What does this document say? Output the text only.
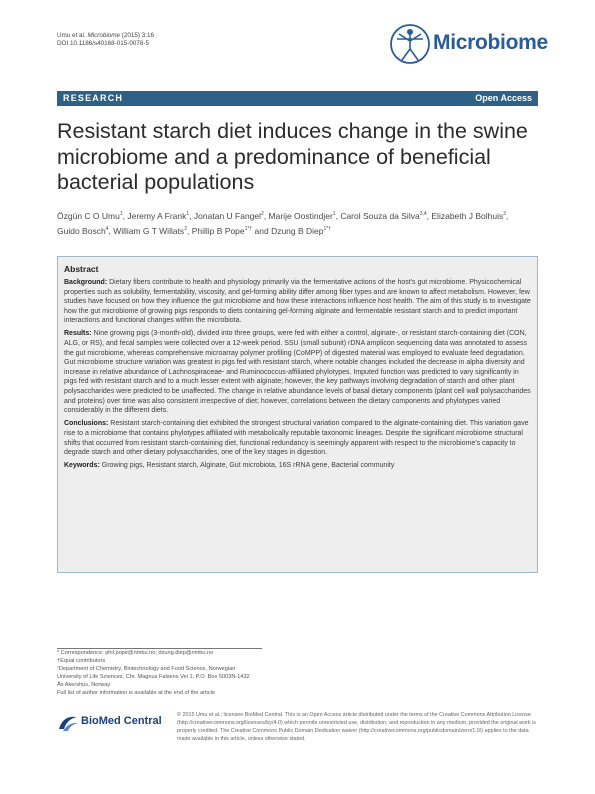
Umu et al. Microbiome (2015) 3:16
DOI 10.1186/s40168-015-0078-5	Microbiome
RESEARCH	Open Access
Resistant starch diet induces change in the swine microbiome and a predominance of beneficial bacterial populations
Özgün C O Umu$^1$, Jeremy A Frank$^1$, Jonatan U Fangel$^2$, Marije Oostindjer$^1$, Carol Souza da Silva$^{3,4}$, Elizabeth J Bolhuis$^3$, Guido Bosch$^4$, William G T Willats$^2$, Phillip B Pope$^{1*\dagger}$ and Dzung B Diep$^{1*\dagger}$
Abstract

Background: Dietary fibers contribute to health and physiology primarily via the fermentative actions of the host's gut microbiome. Physicochemical properties such as solubility, fermentability, viscosity, and gel-forming ability differ among fiber types and are known to affect metabolism. However, few studies have focused on how they influence the gut microbiome and how these interactions influence host health. The aim of this study is to investigate how the gut microbiome of growing pigs responds to diets containing gel-forming alginate and fermentable resistant starch and to predict important interactions and functional changes within the microbiota.

Results: Nine growing pigs (3-month-old), divided into three groups, were fed with either a control, alginate-, or resistant starch-containing diet (CON, ALG, or RS), and fecal samples were collected over a 12-week period. SSU (small subunit) rDNA amplicon sequencing data was annotated to assess the gut microbiome, whereas comprehensive microarray polymer profiling (CoMPP) of digested material was employed to evaluate feed degradation. Gut microbiome structure variation was greatest in pigs fed with resistant starch, where notable changes included the decrease in alpha diversity and increase in relative abundance of Lachnospiraceae- and Ruminococcus-affiliated phylotypes. Imputed function was predicted to vary significantly in pigs fed with resistant starch and to a much lesser extent with alginate; however, the key pathways involving degradation of starch and other plant polysaccharides were predicted to be unaffected. The change in relative abundance levels of basal dietary components (plant cell wall polysaccharides and proteins) over time was also consistent irrespective of diet; however, correlations between the dietary components and phylotypes varied considerably in the different diets.

Conclusions: Resistant starch-containing diet exhibited the strongest structural variation compared to the alginate-containing diet. This variation gave rise to a microbiome that contains phylotypes affiliated with metabolically reputable taxonomic lineages. Despite the significant microbiome structural shifts that occurred from resistant starch-containing diet, functional redundancy is seemingly apparent with respect to the microbiome's capacity to degrade starch and other dietary polysaccharides, one of the key stages in digestion.

Keywords: Growing pigs, Resistant starch, Alginate, Gut microbiota, 16S rRNA gene, Bacterial community

* Correspondence: phil.pope@nmbu.no; dzung.diep@nmbu.no
†Equal contributors
¹Department of Chemistry, Biotechnology and Food Science, Norwegian
University of Life Sciences, Chr. Magnus Falsens Vei 1, P.O. Box 5003N-1432
Ås Akershus, Norway
Full list of author information is available at the end of the article
BioMed Central	© 2015 Umu et al.; licensee BioMed Central. This is an Open Access article distributed under the terms of the Creative Commons Attribution License (http://creativecommons.org/licenses/by/4.0) which permits unrestricted use, distribution, and reproduction in any medium, provided the original work is properly credited. The Creative Commons Public Domain Dedication waiver (http://creativecommons.org/publicdomain/zero/1.0/) applies to the data made available in this article, unless otherwise stated.
